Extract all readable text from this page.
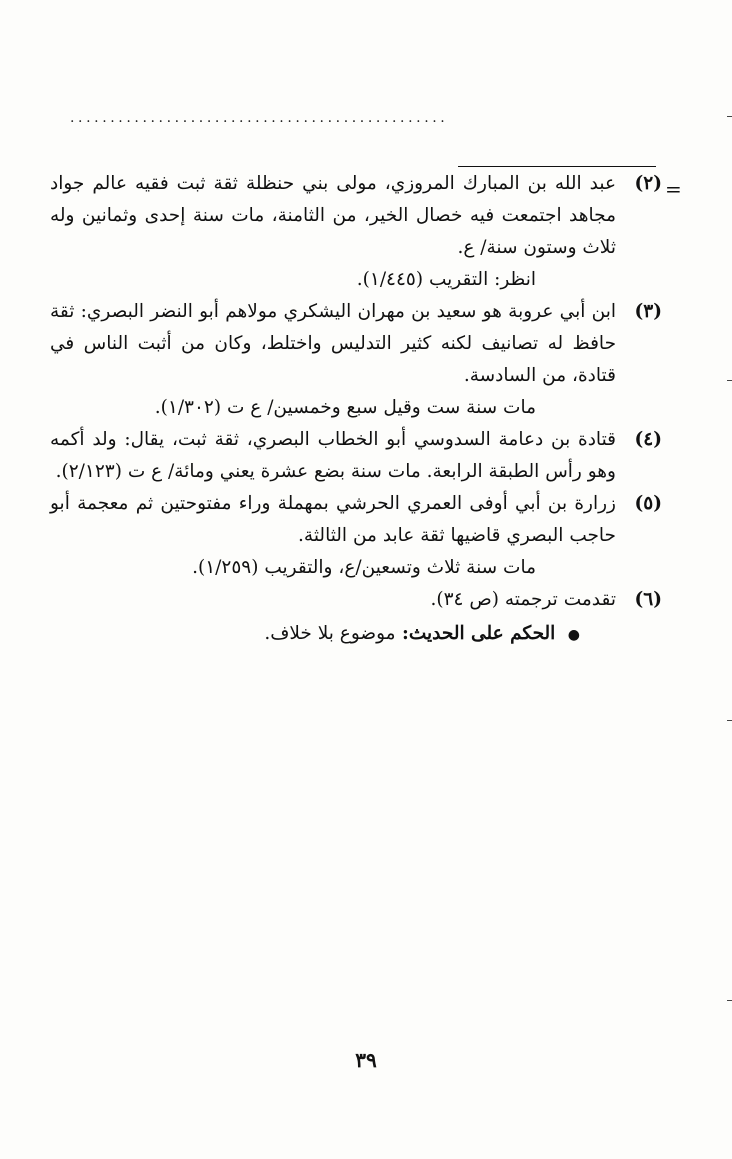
...............................................
=
(٢)
عبد الله بن المبارك المروزي، مولى بني حنظلة ثقة ثبت فقيه عالم جواد مجاهد اجتمعت فيه خصال الخير، من الثامنة، مات سنة إحدى وثمانين وله ثلاث وستون سنة/ ع.
انظر: التقريب (١/٤٤٥).
(٣)
ابن أبي عروبة هو سعيد بن مهران اليشكري مولاهم أبو النضر البصري: ثقة حافظ له تصانيف لكنه كثير التدليس واختلط، وكان من أثبت الناس في قتادة، من السادسة.
مات سنة ست وقيل سبع وخمسين/ ع ت (١/٣٠٢).
(٤)
قتادة بن دعامة السدوسي أبو الخطاب البصري، ثقة ثبت، يقال: ولد أكمه وهو رأس الطبقة الرابعة. مات سنة بضع عشرة يعني ومائة/ ع ت (٢/١٢٣).
(٥)
زرارة بن أبي أوفى العمري الحرشي بمهملة وراء مفتوحتين ثم معجمة أبو حاجب البصري قاضيها ثقة عابد من الثالثة.
مات سنة ثلاث وتسعين/ع، والتقريب (١/٢٥٩).
(٦)
تقدمت ترجمته (ص ٣٤).
● الحكم على الحديث: موضوع بلا خلاف.
٣٩
